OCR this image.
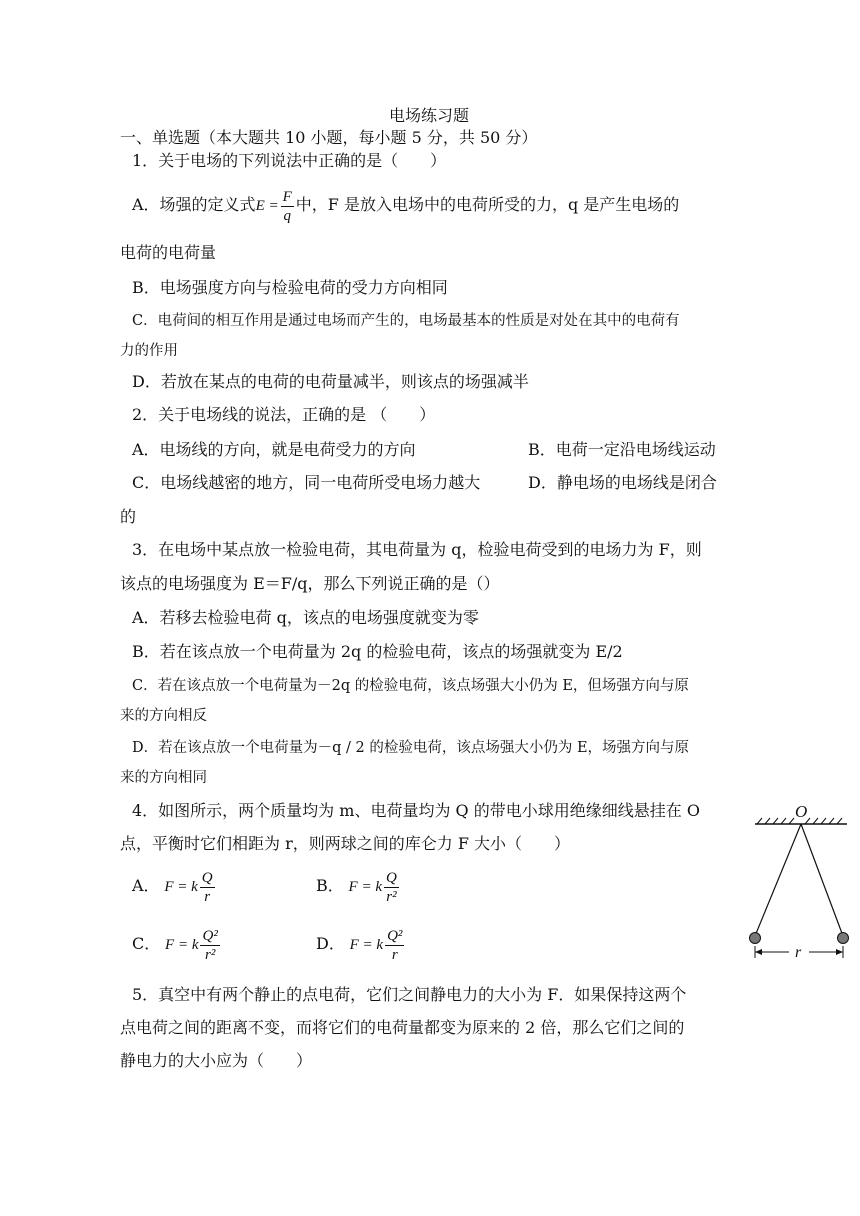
电场练习题
一、单选题（本大题共 10 小题，每小题 5 分，共 50 分）
1．关于电场的下列说法中正确的是（　　）
A．场强的定义式$E = \frac{F}{q}$ 中，F 是放入电场中的电荷所受的力，q 是产生电场的
电荷的电荷量
B．电场强度方向与检验电荷的受力方向相同
C．电荷间的相互作用是通过电场而产生的，电场最基本的性质是对处在其中的电荷有
力的作用
D．若放在某点的电荷的电荷量减半，则该点的场强减半
2．关于电场线的说法，正确的是 （　　）
A．电场线的方向，就是电荷受力的方向	B．电荷一定沿电场线运动
C．电场线越密的地方，同一电荷所受电场力越大	D．静电场的电场线是闭合
的
3．在电场中某点放一检验电荷，其电荷量为 q，检验电荷受到的电场力为 F，则
该点的电场强度为 E＝F/q，那么下列说正确的是（）
A．若移去检验电荷 q，该点的电场强度就变为零
B．若在该点放一个电荷量为 2q 的检验电荷，该点的场强就变为 E/2
C．若在该点放一个电荷量为－2q 的检验电荷，该点场强大小仍为 E，但场强方向与原
来的方向相反
D．若在该点放一个电荷量为－q / 2 的检验电荷，该点场强大小仍为 E，场强方向与原
来的方向相同
4．如图所示，两个质量均为 m、电荷量均为 Q 的带电小球用绝缘细线悬挂在 O
点，平衡时它们相距为 r，则两球之间的库仑力 F 大小（　　）
A． F = k $\frac{Q}{r}$	B． F = k $\frac{Q}{\text{r²}}$
C． F = k $\frac{\text{Q²}}{\text{r²}}$	D． F = k $\frac{\text{Q²}}{r}$
O
r
5．真空中有两个静止的点电荷，它们之间静电力的大小为 F．如果保持这两个
点电荷之间的距离不变，而将它们的电荷量都变为原来的 2 倍，那么它们之间的
静电力的大小应为（　　）
